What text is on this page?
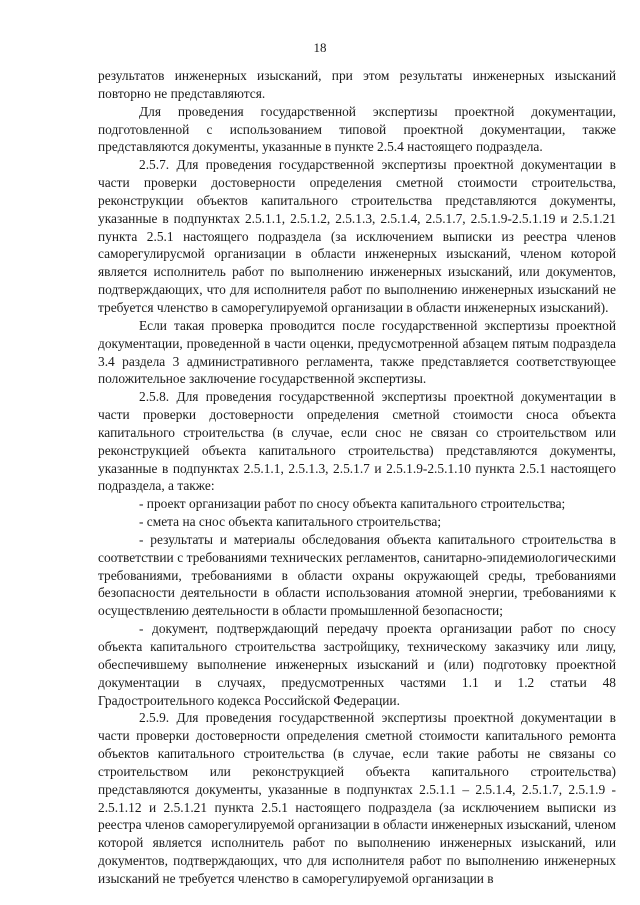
18

результатов инженерных изысканий, при этом результаты инженерных изысканий повторно не представляются.

Для проведения государственной экспертизы проектной документации, подготовленной с использованием типовой проектной документации, также представляются документы, указанные в пункте 2.5.4 настоящего подраздела.

2.5.7. Для проведения государственной экспертизы проектной документации в части проверки достоверности определения сметной стоимости строительства, реконструкции объектов капитального строительства представляются документы, указанные в подпунктах 2.5.1.1, 2.5.1.2, 2.5.1.3, 2.5.1.4, 2.5.1.7, 2.5.1.9-2.5.1.19 и 2.5.1.21 пункта 2.5.1 настоящего подраздела (за исключением выписки из реестра членов саморегулирусмой организации в области инженерных изысканий, членом которой является исполнитель работ по выполнению инженерных изысканий, или документов, подтверждающих, что для исполнителя работ по выполнению инженерных изысканий не требуется членство в саморегулируемой организации в области инженерных изысканий).

Если такая проверка проводится после государственной экспертизы проектной документации, проведенной в части оценки, предусмотренной абзацем пятым подраздела 3.4 раздела 3 административного регламента, также представляется соответствующее положительное заключение государственной экспертизы.

2.5.8. Для проведения государственной экспертизы проектной документации в части проверки достоверности определения сметной стоимости сноса объекта капитального строительства (в случае, если снос не связан со строительством или реконструкцией объекта капитального строительства) представляются документы, указанные в подпунктах 2.5.1.1, 2.5.1.3, 2.5.1.7 и 2.5.1.9-2.5.1.10 пункта 2.5.1 настоящего подраздела, а также:

- проект организации работ по сносу объекта капитального строительства;

- смета на снос объекта капитального строительства;

- результаты и материалы обследования объекта капитального строительства в соответствии с требованиями технических регламентов, санитарно-эпидемиологическими требованиями, требованиями в области охраны окружающей среды, требованиями безопасности деятельности в области использования атомной энергии, требованиями к осуществлению деятельности в области промышленной безопасности;

- документ, подтверждающий передачу проекта организации работ по сносу объекта капитального строительства застройщику, техническому заказчику или лицу, обеспечившему выполнение инженерных изысканий и (или) подготовку проектной документации в случаях, предусмотренных частями 1.1 и 1.2 статьи 48 Градостроительного кодекса Российской Федерации.

2.5.9. Для проведения государственной экспертизы проектной документации в части проверки достоверности определения сметной стоимости капитального ремонта объектов капитального строительства (в случае, если такие работы не связаны со строительством или реконструкцией объекта капитального строительства) представляются документы, указанные в подпунктах 2.5.1.1 – 2.5.1.4, 2.5.1.7, 2.5.1.9 - 2.5.1.12 и 2.5.1.21 пункта 2.5.1 настоящего подраздела (за исключением выписки из реестра членов саморегулируемой организации в области инженерных изысканий, членом которой является исполнитель работ по выполнению инженерных изысканий, или документов, подтверждающих, что для исполнителя работ по выполнению инженерных изысканий не требуется членство в саморегулируемой организации в
